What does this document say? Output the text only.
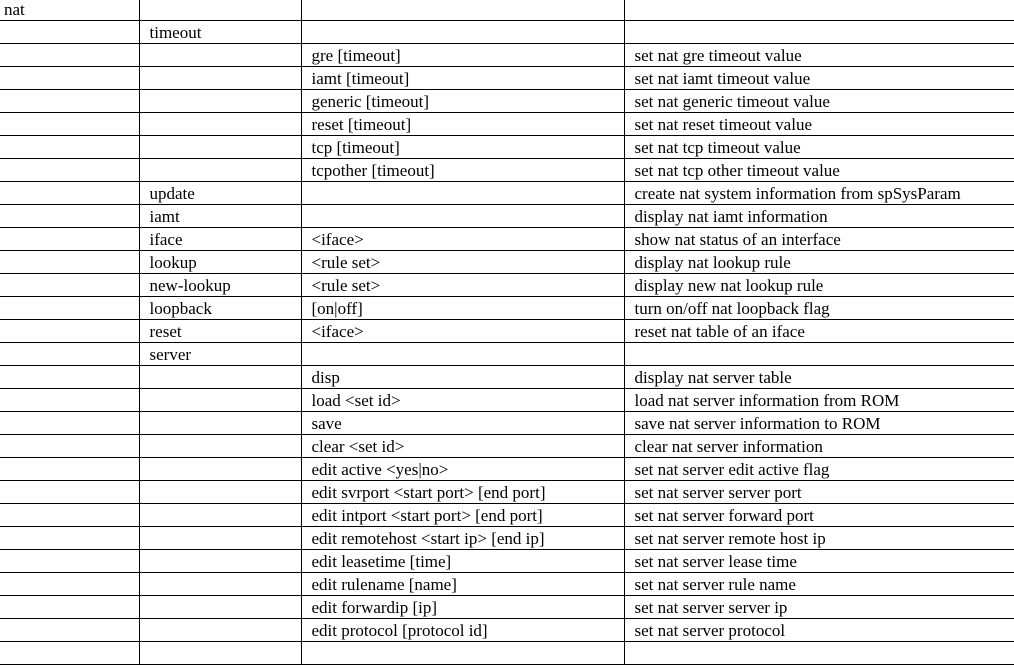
nat			
	timeout		
		gre [timeout]	set nat gre timeout value
		iamt [timeout]	set nat iamt timeout value
		generic [timeout]	set nat generic timeout value
		reset [timeout]	set nat reset timeout value
		tcp [timeout]	set nat tcp timeout value
		tcpother [timeout]	set nat tcp other timeout value
	update		create nat system information from spSysParam
	iamt		display nat iamt information
	iface	<iface>	show nat status of an interface
	lookup	<rule set>	display nat lookup rule
	new-lookup	<rule set>	display new nat lookup rule
	loopback	[on|off]	turn on/off nat loopback flag
	reset	<iface>	reset nat table of an iface
	server		
		disp	display nat server table
		load <set id>	load nat server information from ROM
		save	save nat server information to ROM
		clear <set id>	clear nat server information
		edit active <yes|no>	set nat server edit active flag
		edit svrport <start port> [end port]	set nat server server port
		edit intport <start port> [end port]	set nat server forward port
		edit remotehost <start ip> [end ip]	set nat server remote host ip
		edit leasetime [time]	set nat server lease time
		edit rulename [name]	set nat server rule name
		edit forwardip [ip]	set nat server server ip
		edit protocol [protocol id]	set nat server protocol
